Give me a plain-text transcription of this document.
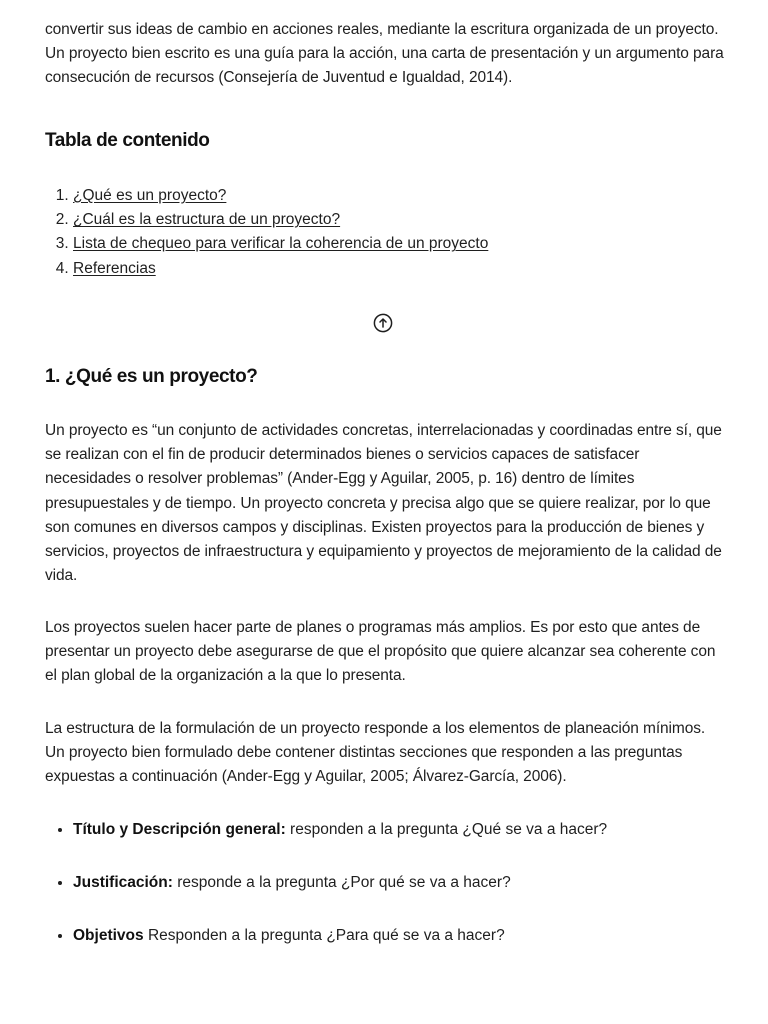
convertir sus ideas de cambio en acciones reales, mediante la escritura organizada de un proyecto. Un proyecto bien escrito es una guía para la acción, una carta de presentación y un argumento para consecución de recursos (Consejería de Juventud e Igualdad, 2014).

Tabla de contenido
1. ¿Qué es un proyecto?
2. ¿Cuál es la estructura de un proyecto?
3. Lista de chequeo para verificar la coherencia de un proyecto
4. Referencias
1. ¿Qué es un proyecto?

Un proyecto es “un conjunto de actividades concretas, interrelacionadas y coordinadas entre sí, que se realizan con el fin de producir determinados bienes o servicios capaces de satisfacer necesidades o resolver problemas” (Ander-Egg y Aguilar, 2005, p. 16) dentro de límites presupuestales y de tiempo. Un proyecto concreta y precisa algo que se quiere realizar, por lo que son comunes en diversos campos y disciplinas. Existen proyectos para la producción de bienes y servicios, proyectos de infraestructura y equipamiento y proyectos de mejoramiento de la calidad de vida.

Los proyectos suelen hacer parte de planes o programas más amplios. Es por esto que antes de presentar un proyecto debe asegurarse de que el propósito que quiere alcanzar sea coherente con el plan global de la organización a la que lo presenta.

La estructura de la formulación de un proyecto responde a los elementos de planeación mínimos. Un proyecto bien formulado debe contener distintas secciones que responden a las preguntas expuestas a continuación (Ander-Egg y Aguilar, 2005; Álvarez-García, 2006).

• Título y Descripción general: responden a la pregunta ¿Qué se va a hacer?
• Justificación: responde a la pregunta ¿Por qué se va a hacer?
• Objetivos Responden a la pregunta ¿Para qué se va a hacer?
